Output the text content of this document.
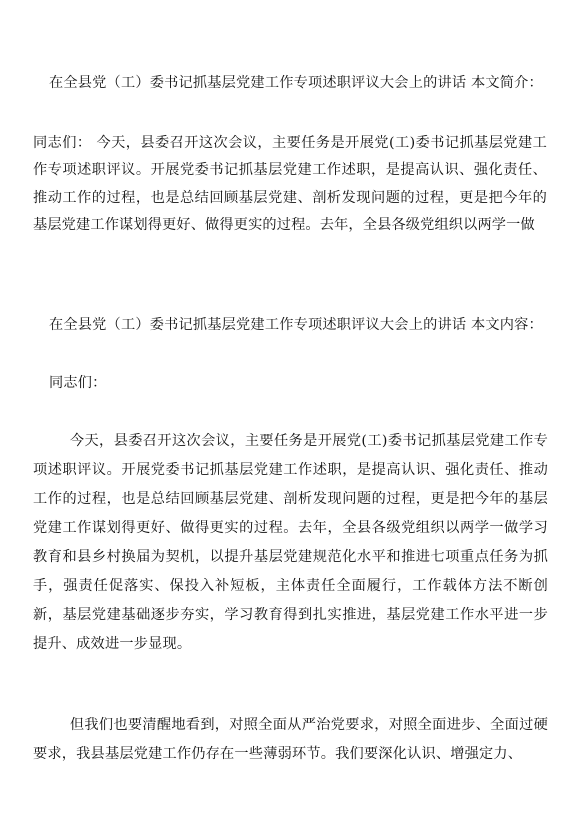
在全县党（工）委书记抓基层党建工作专项述职评议大会上的讲话 本文简介：
同志们： 今天，县委召开这次会议，主要任务是开展党(工)委书记抓基层党建工作专项述职评议。开展党委书记抓基层党建工作述职，是提高认识、强化责任、推动工作的过程，也是总结回顾基层党建、剖析发现问题的过程，更是把今年的基层党建工作谋划得更好、做得更实的过程。去年，全县各级党组织以两学一做
在全县党（工）委书记抓基层党建工作专项述职评议大会上的讲话 本文内容：
同志们：
今天，县委召开这次会议，主要任务是开展党(工)委书记抓基层党建工作专项述职评议。开展党委书记抓基层党建工作述职，是提高认识、强化责任、推动工作的过程，也是总结回顾基层党建、剖析发现问题的过程，更是把今年的基层党建工作谋划得更好、做得更实的过程。去年，全县各级党组织以两学一做学习教育和县乡村换届为契机，以提升基层党建规范化水平和推进七项重点任务为抓手，强责任促落实、保投入补短板，主体责任全面履行，工作载体方法不断创新，基层党建基础逐步夯实，学习教育得到扎实推进，基层党建工作水平进一步提升、成效进一步显现。
但我们也要清醒地看到，对照全面从严治党要求，对照全面进步、全面过硬要求，我县基层党建工作仍存在一些薄弱环节。我们要深化认识、增强定力、
